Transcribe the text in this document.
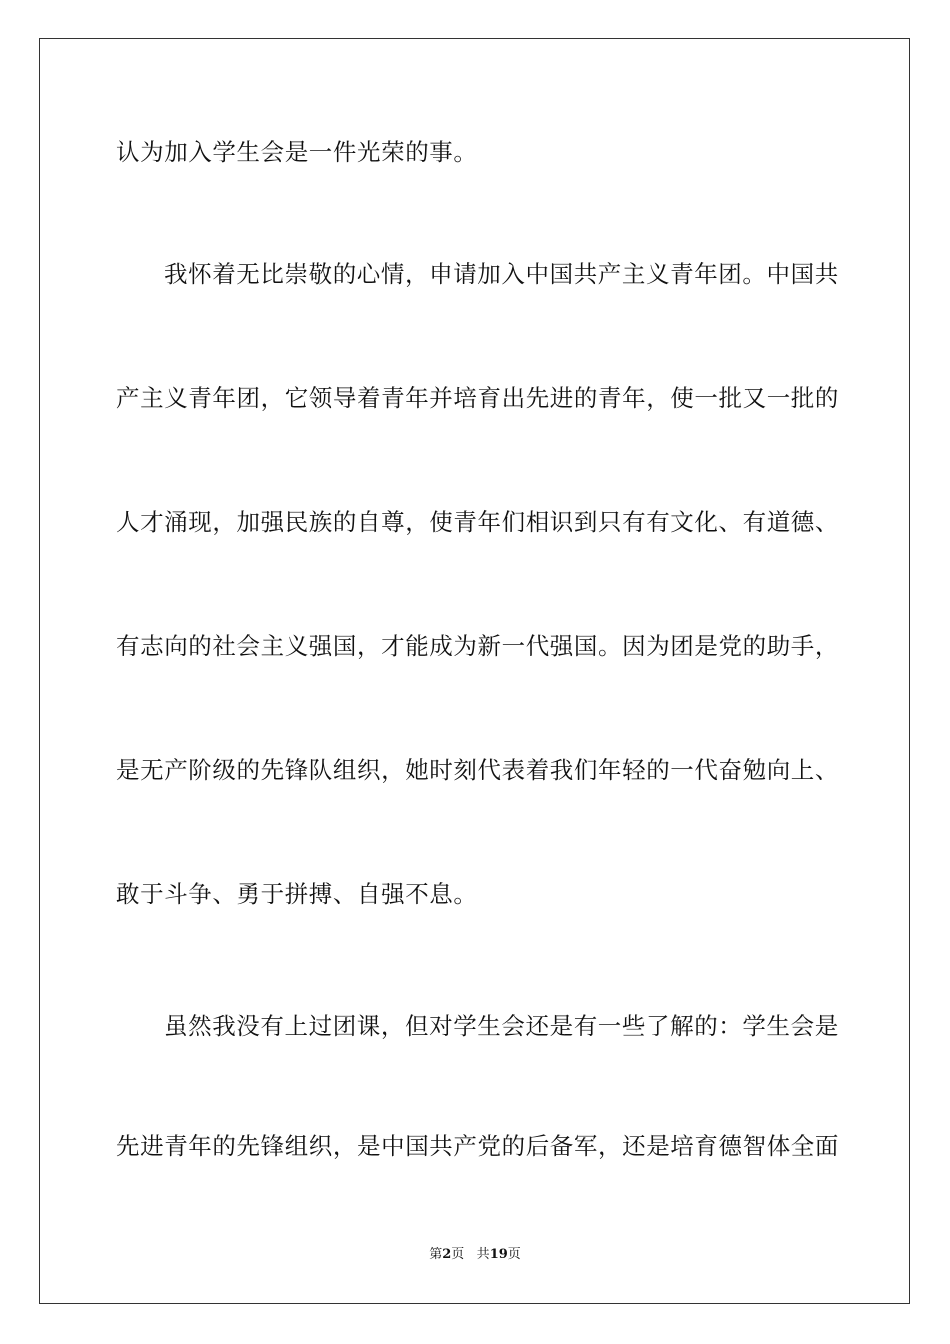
认为加入学生会是一件光荣的事。
我怀着无比崇敬的心情，申请加入中国共产主义青年团。中国共
产主义青年团，它领导着青年并培育出先进的青年，使一批又一批的
人才涌现，加强民族的自尊，使青年们相识到只有有文化、有道德、
有志向的社会主义强国，才能成为新一代强国。因为团是党的助手，
是无产阶级的先锋队组织，她时刻代表着我们年轻的一代奋勉向上、
敢于斗争、勇于拼搏、自强不息。
虽然我没有上过团课，但对学生会还是有一些了解的：学生会是
先进青年的先锋组织，是中国共产党的后备军，还是培育德智体全面
第2页 共19页
